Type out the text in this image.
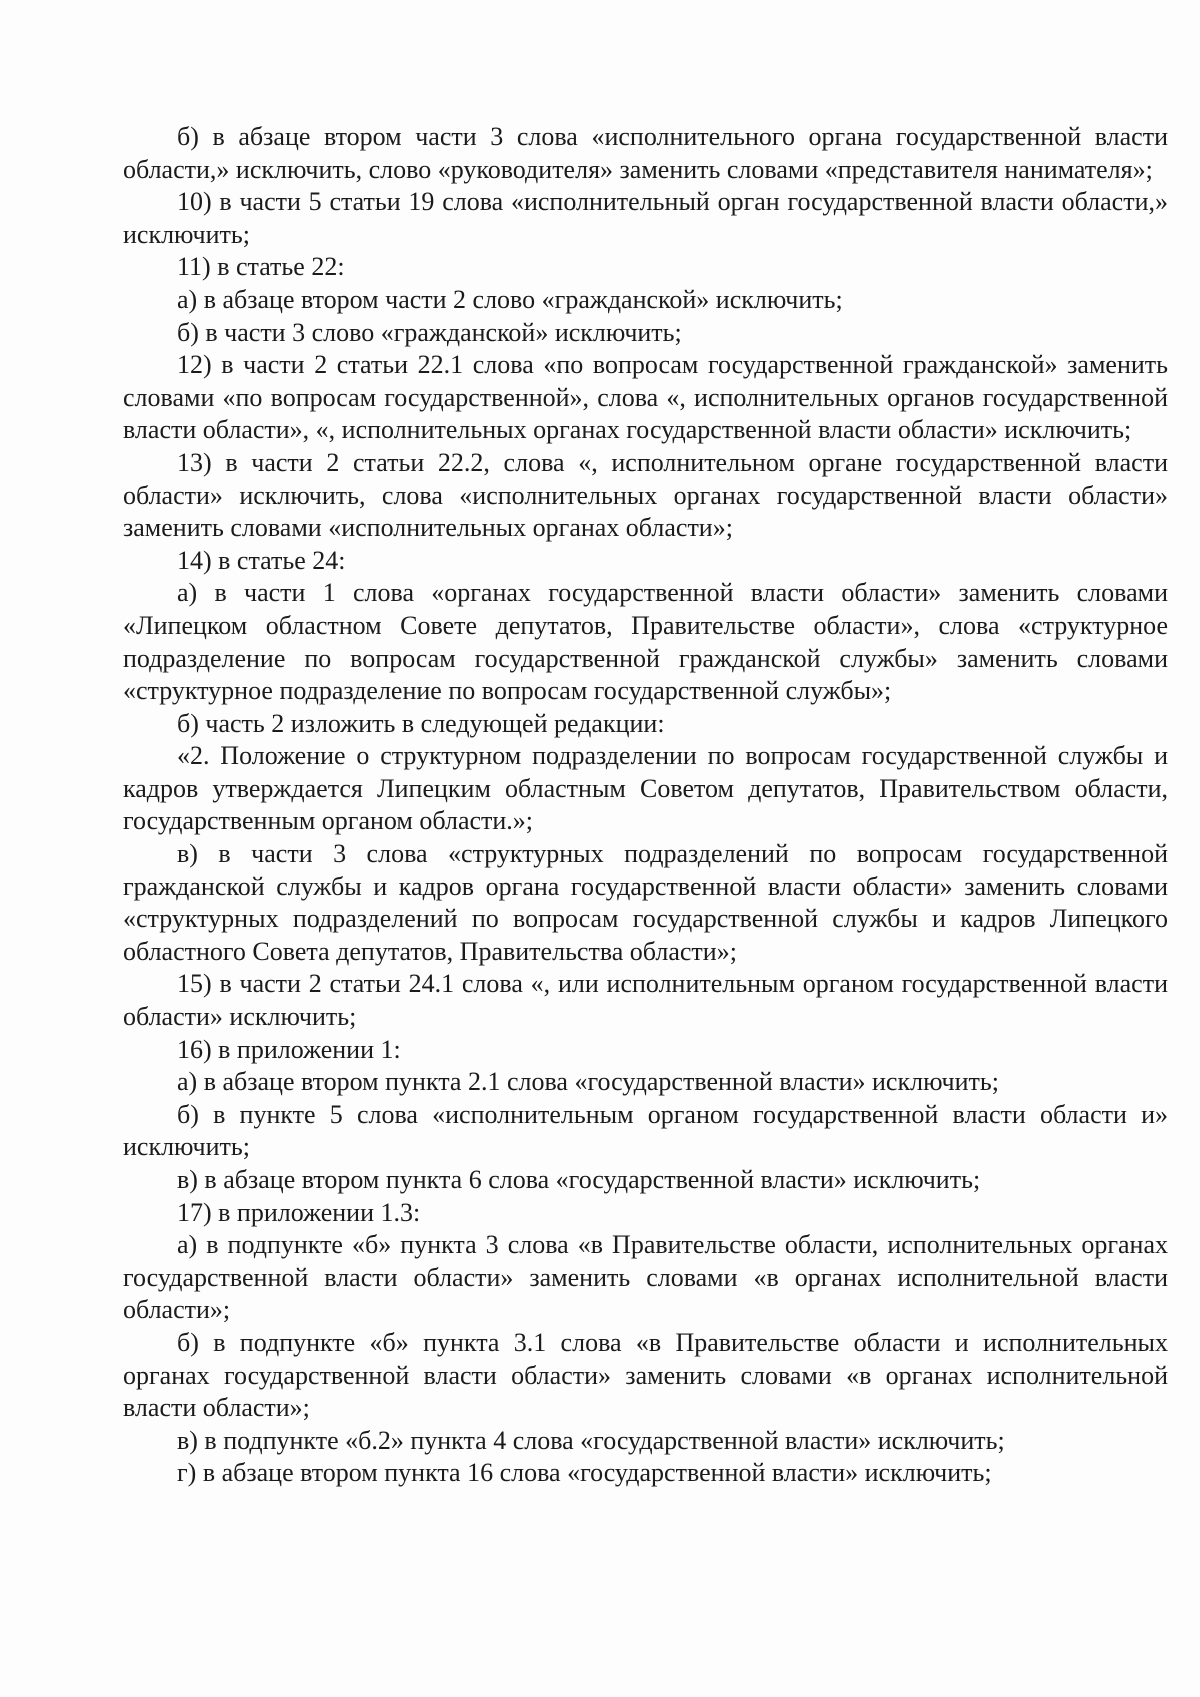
б) в абзаце втором части 3 слова «исполнительного органа государственной власти области,» исключить, слово «руководителя» заменить словами «представителя нанимателя»;

10) в части 5 статьи 19 слова «исполнительный орган государственной власти области,» исключить;

11) в статье 22:

а) в абзаце втором части 2 слово «гражданской» исключить;

б) в части 3 слово «гражданской» исключить;

12) в части 2 статьи 22.1 слова «по вопросам государственной гражданской» заменить словами «по вопросам государственной», слова «, исполнительных органов государственной власти области», «, исполнительных органах государственной власти области» исключить;

13) в части 2 статьи 22.2, слова «, исполнительном органе государственной власти области» исключить, слова «исполнительных органах государственной власти области» заменить словами «исполнительных органах области»;

14) в статье 24:

а) в части 1 слова «органах государственной власти области» заменить словами «Липецком областном Совете депутатов, Правительстве области», слова «структурное подразделение по вопросам государственной гражданской службы» заменить словами «структурное подразделение по вопросам государственной службы»;

б) часть 2 изложить в следующей редакции:

«2. Положение о структурном подразделении по вопросам государственной службы и кадров утверждается Липецким областным Советом депутатов, Правительством области, государственным органом области.»;

в) в части 3 слова «структурных подразделений по вопросам государственной гражданской службы и кадров органа государственной власти области» заменить словами «структурных подразделений по вопросам государственной службы и кадров Липецкого областного Совета депутатов, Правительства области»;

15) в части 2 статьи 24.1 слова «, или исполнительным органом государственной власти области» исключить;

16) в приложении 1:

а) в абзаце втором пункта 2.1 слова «государственной власти» исключить;

б) в пункте 5 слова «исполнительным органом государственной власти области и» исключить;

в) в абзаце втором пункта 6 слова «государственной власти» исключить;

17) в приложении 1.3:

а) в подпункте «б» пункта 3 слова «в Правительстве области, исполнительных органах государственной власти области» заменить словами «в органах исполнительной власти области»;

б) в подпункте «б» пункта 3.1 слова «в Правительстве области и исполнительных органах государственной власти области» заменить словами «в органах исполнительной власти области»;

в) в подпункте «б.2» пункта 4 слова «государственной власти» исключить;

г) в абзаце втором пункта 16 слова «государственной власти» исключить;
